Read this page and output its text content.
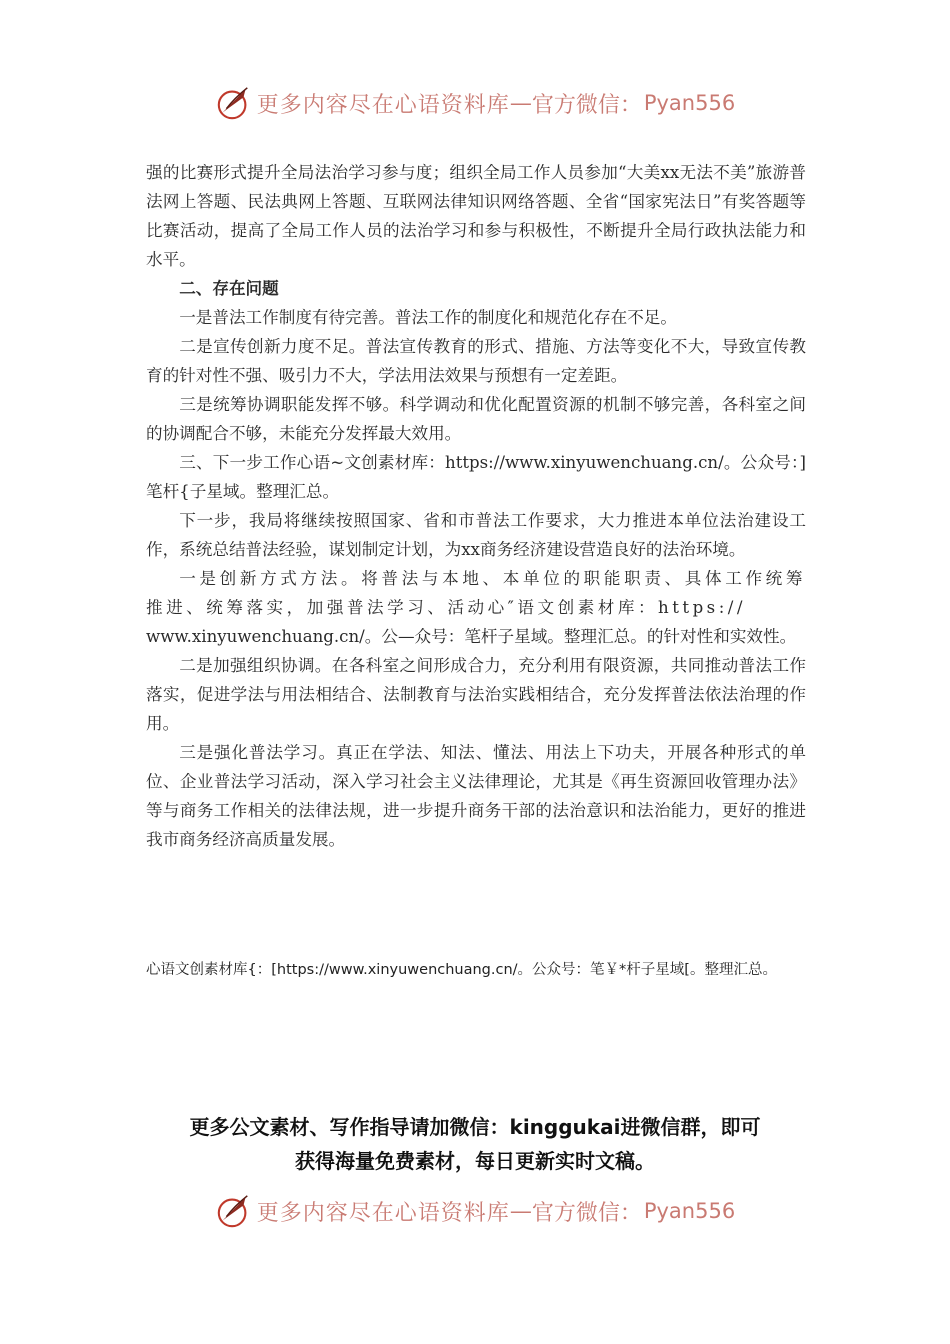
更多内容尽在心语资料库 — 官方微信： Pyan556

强的比赛形式提升全局法治学习参与度；组织全局工作人员参加“大美xx无法不美”旅游普法网上答题、民法典网上答题、互联网法律知识网络答题、全省“国家宪法日”有奖答题等比赛活动，提高了全局工作人员的法治学习和参与积极性，不断提升全局行政执法能力和水平。

二、存在问题

一是普法工作制度有待完善。普法工作的制度化和规范化存在不足。

二是宣传创新力度不足。普法宣传教育的形式、措施、方法等变化不大，导致宣传教育的针对性不强、吸引力不大，学法用法效果与预想有一定差距。

三是统筹协调职能发挥不够。科学调动和优化配置资源的机制不够完善，各科室之间的协调配合不够，未能充分发挥最大效用。

三、下一步工作心语~文创素材库：https://www.xinyuwenchuang.cn/。公众号：]笔杆{子星域。整理汇总。

下一步，我局将继续按照国家、省和市普法工作要求，大力推进本单位法治建设工作，系统总结普法经验，谋划制定计划，为xx商务经济建设营造良好的法治环境。

一是创新方式方法。将普法与本地、本单位的职能职责、具体工作统筹推进、统筹落实，加强普法学习、活动心″语文创素材库：https://

www.xinyuwenchuang.cn/。公—众号：笔杆子星域。整理汇总。的针对性和实效性。

二是加强组织协调。在各科室之间形成合力，充分利用有限资源，共同推动普法工作落实，促进学法与用法相结合、法制教育与法治实践相结合，充分发挥普法依法治理的作用。

三是强化普法学习。真正在学法、知法、懂法、用法上下功夫，开展各种形式的单位、企业普法学习活动，深入学习社会主义法律理论，尤其是《再生资源回收管理办法》等与商务工作相关的法律法规，进一步提升商务干部的法治意识和法治能力，更好的推进我市商务经济高质量发展。

心语文创素材库{：[https://www.xinyuwenchuang.cn/。公众号：笔￥*杆子星域[。整理汇总。
更多公文素材、写作指导请加微信：kinggukai进微信群，即可
获得海量免费素材，每日更新实时文稿。
更多内容尽在心语资料库 — 官方微信： Pyan556
